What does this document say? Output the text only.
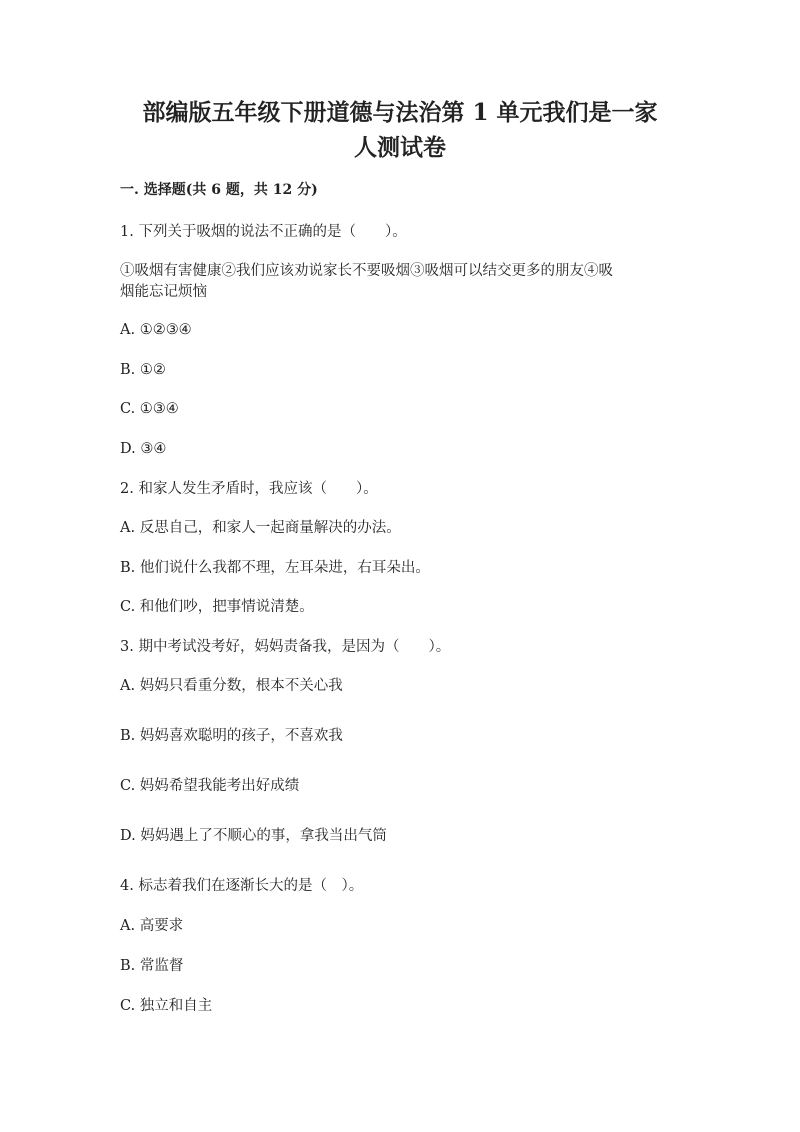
部编版五年级下册道德与法治第 1 单元我们是一家
人测试卷
一. 选择题(共 6 题，共 12 分)
1. 下列关于吸烟的说法不正确的是（　　）。
①吸烟有害健康②我们应该劝说家长不要吸烟③吸烟可以结交更多的朋友④吸
烟能忘记烦恼
A. ①②③④
B. ①②
C. ①③④
D. ③④
2. 和家人发生矛盾时，我应该（　　）。
A. 反思自己，和家人一起商量解决的办法。
B. 他们说什么我都不理，左耳朵进，右耳朵出。
C. 和他们吵，把事情说清楚。
3. 期中考试没考好，妈妈责备我，是因为（　　）。
A. 妈妈只看重分数，根本不关心我
B. 妈妈喜欢聪明的孩子，不喜欢我
C. 妈妈希望我能考出好成绩
D. 妈妈遇上了不顺心的事，拿我当出气筒
4. 标志着我们在逐渐长大的是（　）。
A. 高要求
B. 常监督
C. 独立和自主
